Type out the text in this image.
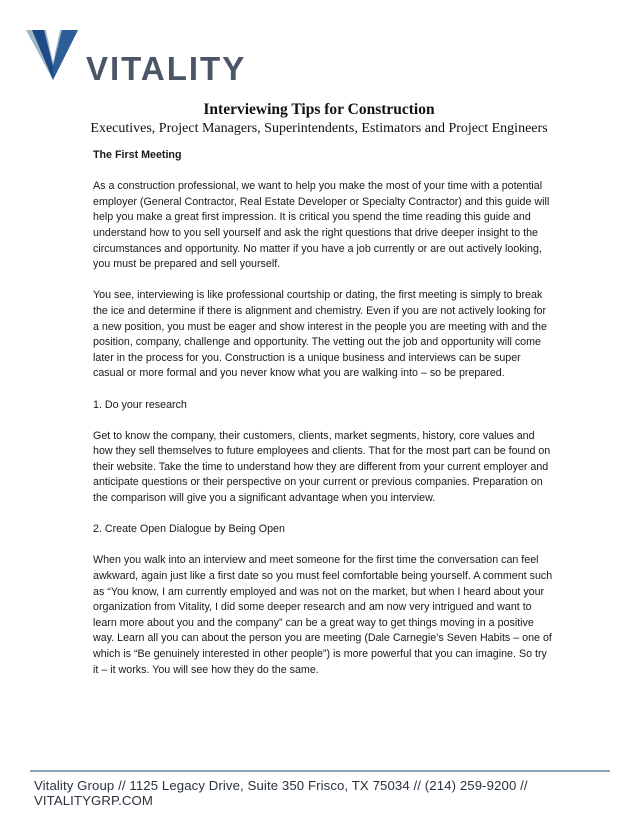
VITALITY
Interviewing Tips for Construction
Executives, Project Managers, Superintendents, Estimators and Project Engineers
The First Meeting

As a construction professional, we want to help you make the most of your time with a potential employer (General Contractor, Real Estate Developer or Specialty Contractor) and this guide will help you make a great first impression. It is critical you spend the time reading this guide and understand how to you sell yourself and ask the right questions that drive deeper insight to the circumstances and opportunity. No matter if you have a job currently or are out actively looking, you must be prepared and sell yourself.

You see, interviewing is like professional courtship or dating, the first meeting is simply to break the ice and determine if there is alignment and chemistry. Even if you are not actively looking for a new position, you must be eager and show interest in the people you are meeting with and the position, company, challenge and opportunity. The vetting out the job and opportunity will come later in the process for you. Construction is a unique business and interviews can be super casual or more formal and you never know what you are walking into – so be prepared.

1. Do your research

Get to know the company, their customers, clients, market segments, history, core values and how they sell themselves to future employees and clients. That for the most part can be found on their website. Take the time to understand how they are different from your current employer and anticipate questions or their perspective on your current or previous companies. Preparation on the comparison will give you a significant advantage when you interview.

2. Create Open Dialogue by Being Open

When you walk into an interview and meet someone for the first time the conversation can feel awkward, again just like a first date so you must feel comfortable being yourself. A comment such as “You know, I am currently employed and was not on the market, but when I heard about your organization from Vitality, I did some deeper research and am now very intrigued and want to learn more about you and the company” can be a great way to get things moving in a positive way. Learn all you can about the person you are meeting (Dale Carnegie’s Seven Habits – one of which is “Be genuinely interested in other people”) is more powerful that you can imagine. So try it – it works. You will see how they do the same.

Vitality Group // 1125 Legacy Drive, Suite 350 Frisco, TX 75034 // (214) 259-9200 // VITALITYGRP.COM
